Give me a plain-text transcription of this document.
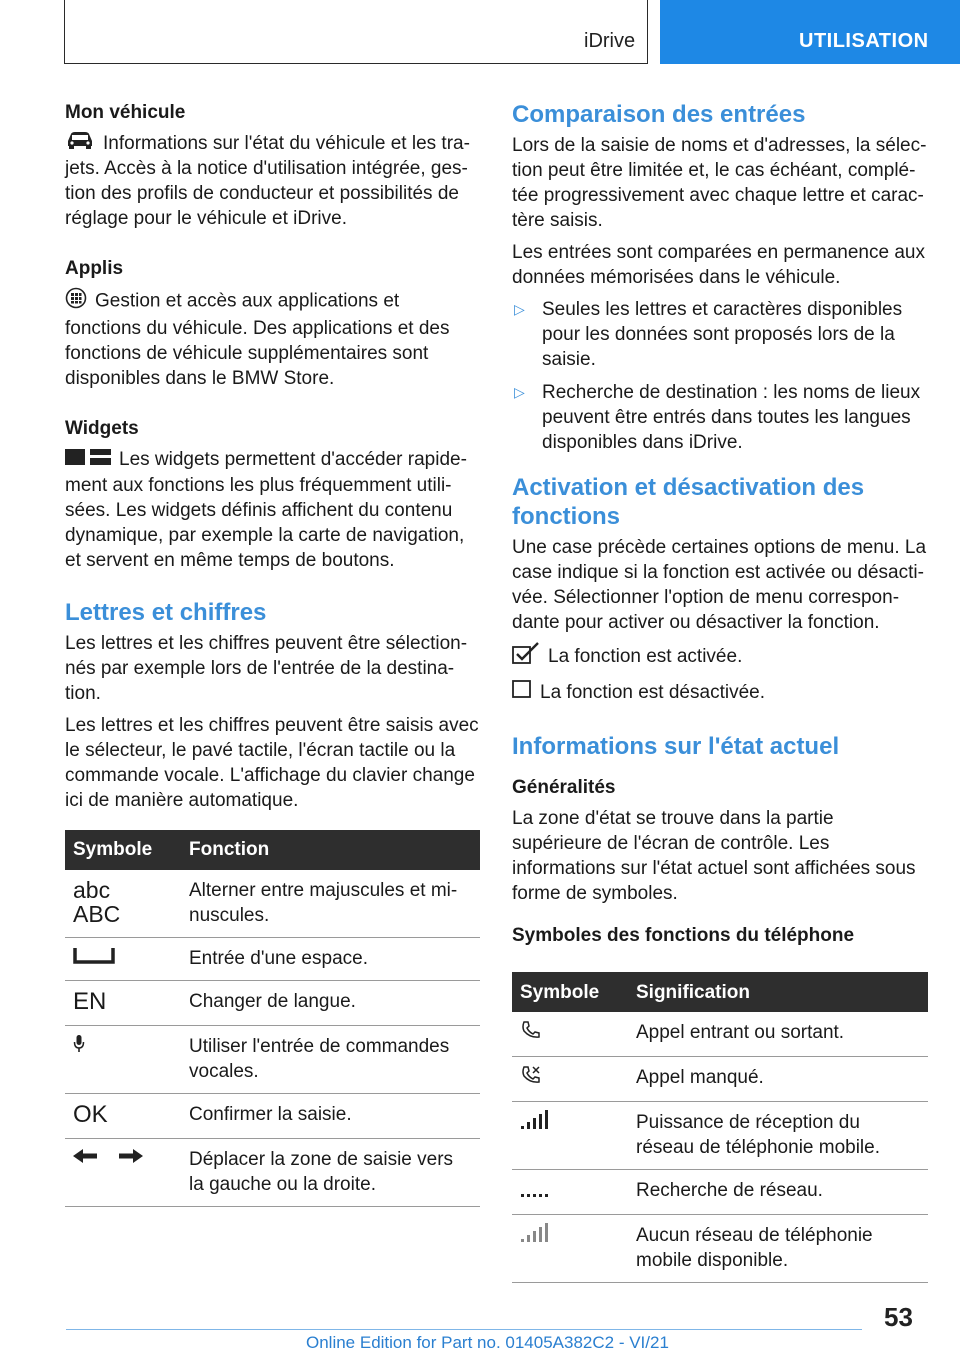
iDrive	UTILISATION
Mon véhicule

Informations sur l'état du véhicule et les tra-jets. Accès à la notice d'utilisation intégrée, ges-tion des profils de conducteur et possibilités de réglage pour le véhicule et iDrive.

Applis

Gestion et accès aux applications et fonctions du véhicule. Des applications et des fonctions de véhicule supplémentaires sont disponibles dans le BMW Store.

Widgets

Les widgets permettent d'accéder rapide-ment aux fonctions les plus fréquemment utili-sées. Les widgets définis affichent du contenu dynamique, par exemple la carte de navigation, et servent en même temps de boutons.

Lettres et chiffres

Les lettres et les chiffres peuvent être sélection-nés par exemple lors de l'entrée de la destina-tion.

Les lettres et les chiffres peuvent être saisis avec le sélecteur, le pavé tactile, l'écran tactile ou la commande vocale. L'affichage du clavier change ici de manière automatique.

Symbole	Fonction

abc
ABC	Alterner entre majuscules et mi-nuscules.
	Entrée d'une espace.
EN	Changer de langue.
	Utiliser l'entrée de commandes vocales.
OK	Confirmer la saisie.
	Déplacer la zone de saisie vers la gauche ou la droite.
Comparaison des entrées

Lors de la saisie de noms et d'adresses, la sélec-tion peut être limitée et, le cas échéant, complé-tée progressivement avec chaque lettre et carac-tère saisis.

Les entrées sont comparées en permanence aux données mémorisées dans le véhicule.

▷ Seules les lettres et caractères disponibles pour les données sont proposés lors de la saisie.
▷ Recherche de destination : les noms de lieux peuvent être entrés dans toutes les langues disponibles dans iDrive.
Activation et désactivation des fonctions

Une case précède certaines options de menu. La case indique si la fonction est activée ou désacti-vée. Sélectionner l'option de menu correspon-dante pour activer ou désactiver la fonction.

La fonction est activée.
La fonction est désactivée.
Informations sur l'état actuel
Généralités

La zone d'état se trouve dans la partie supérieure de l'écran de contrôle. Les informations sur l'état actuel sont affichées sous forme de symboles.

Symboles des fonctions du téléphone
Symbole	Signification
	Appel entrant ou sortant.
	Appel manqué.
	Puissance de réception du réseau de téléphonie mobile.
	Recherche de réseau.
	Aucun réseau de téléphonie mobile disponible.
53
Online Edition for Part no. 01405A382C2 - VI/21
